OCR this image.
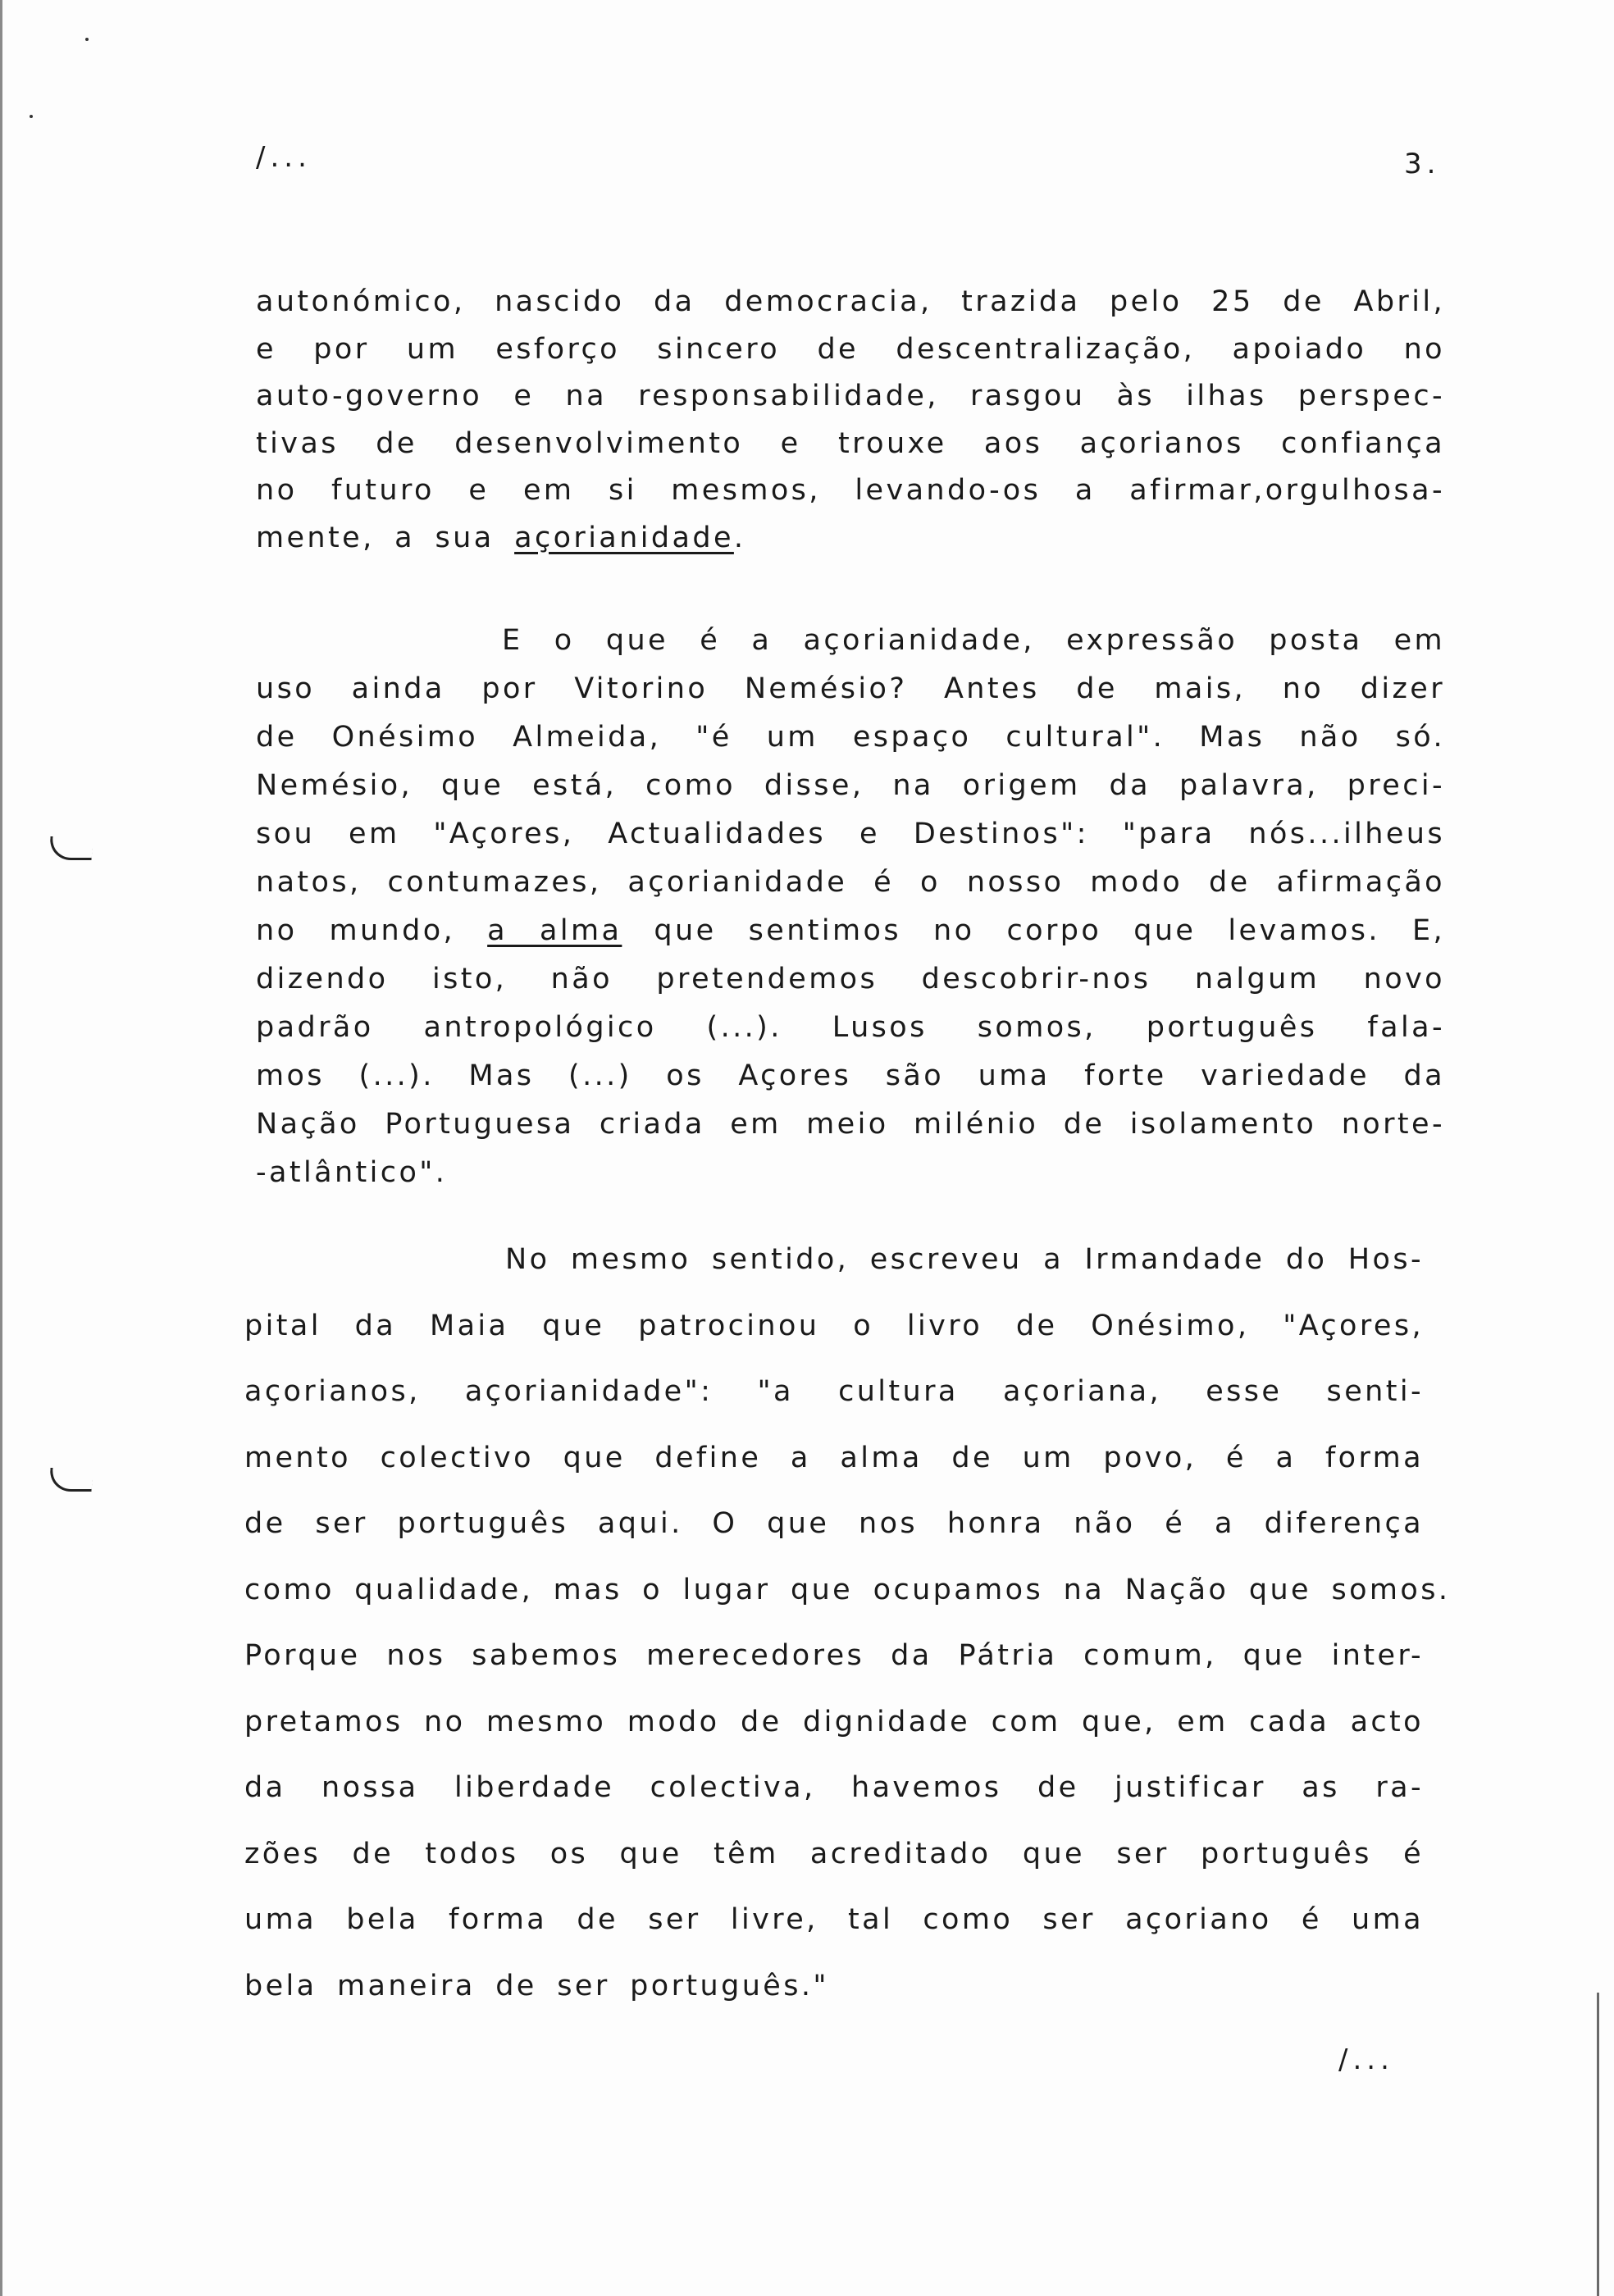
/...	3.
autonómico, nascido da democracia, trazida pelo 25 de Abril,
e por um esforço sincero de descentralização, apoiado no
auto-governo e na responsabilidade, rasgou às ilhas perspec-
tivas de desenvolvimento e trouxe aos açorianos confiança
no futuro e em si mesmos, levando-os a afirmar,orgulhosa-
mente, a sua açorianidade.
E o que é a açorianidade, expressão posta em
uso ainda por Vitorino Nemésio? Antes de mais, no dizer
de Onésimo Almeida, "é um espaço cultural". Mas não só.
Nemésio, que está, como disse, na origem da palavra, preci-
sou em "Açores, Actualidades e Destinos": "para nós...ilheus
natos, contumazes, açorianidade é o nosso modo de afirmação
no mundo, a alma que sentimos no corpo que levamos. E,
dizendo isto, não pretendemos descobrir-nos nalgum novo
padrão antropológico (...). Lusos somos, português fala-
mos (...). Mas (...) os Açores são uma forte variedade da
Nação Portuguesa criada em meio milénio de isolamento norte-
-atlântico".
No mesmo sentido, escreveu a Irmandade do Hos-
pital da Maia que patrocinou o livro de Onésimo, "Açores,
açorianos, açorianidade": "a cultura açoriana, esse senti-
mento colectivo que define a alma de um povo, é a forma
de ser português aqui. O que nos honra não é a diferença
como qualidade, mas o lugar que ocupamos na Nação que somos.
Porque nos sabemos merecedores da Pátria comum, que inter-
pretamos no mesmo modo de dignidade com que, em cada acto
da nossa liberdade colectiva, havemos de justificar as ra-
zões de todos os que têm acreditado que ser português é
uma bela forma de ser livre, tal como ser açoriano é uma
bela maneira de ser português."
/...
